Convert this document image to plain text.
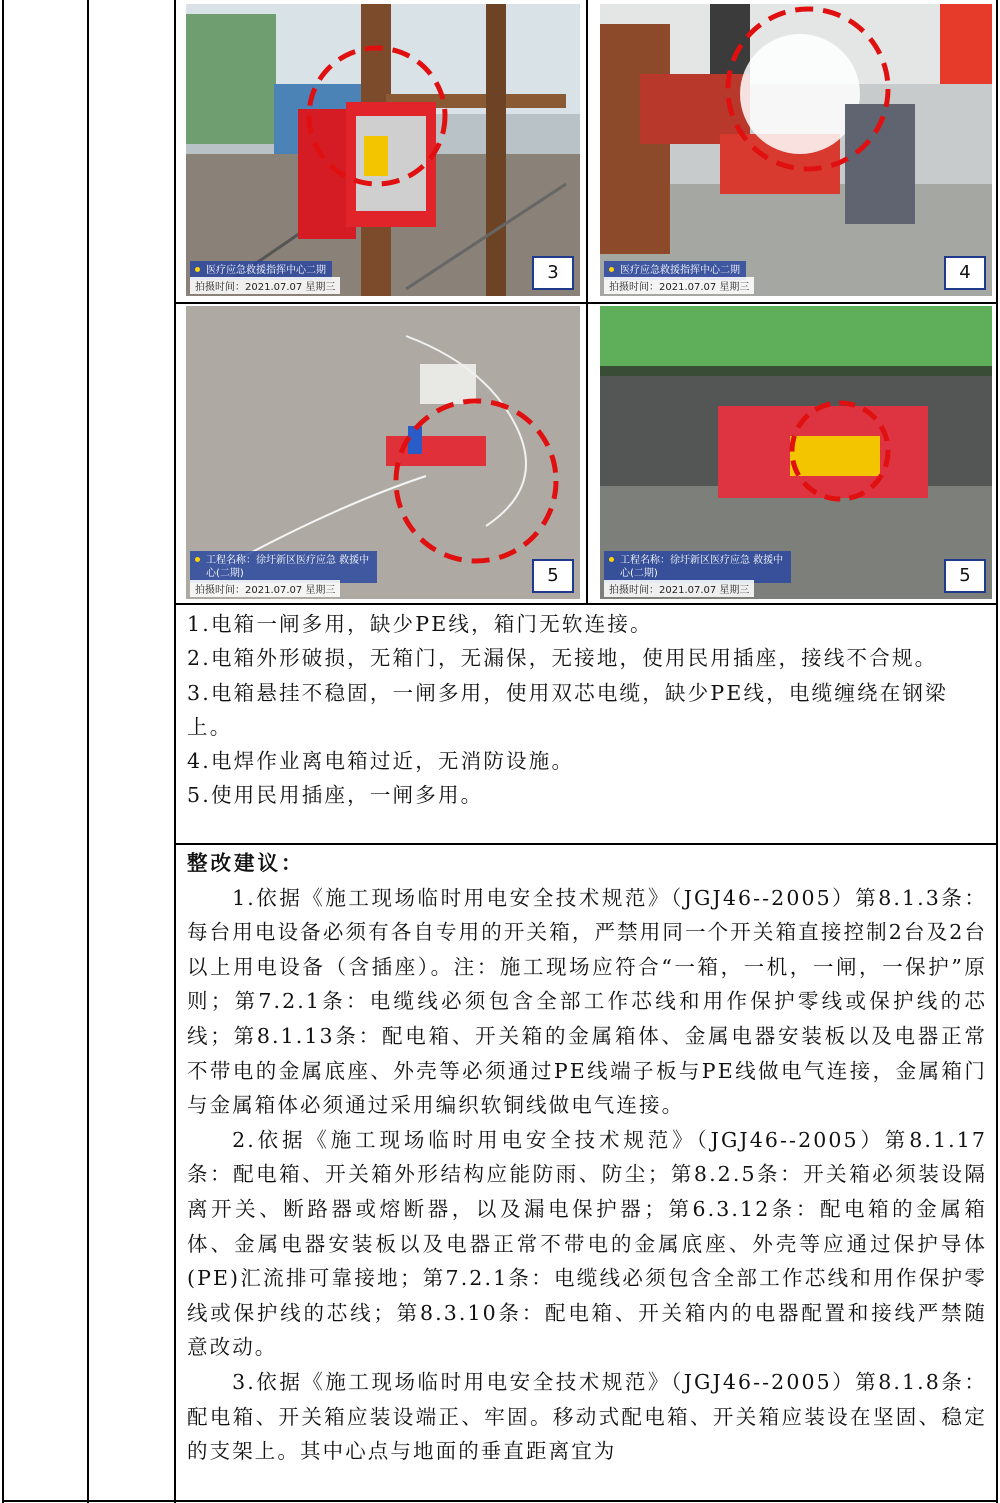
医疗应急救援指挥中心二期
拍摄时间：2021.07.07 星期三
3	医疗应急救援指挥中心二期
拍摄时间：2021.07.07 星期三
4
工程名称：徐圩新区医疗应急 救援中心(二期)
拍摄时间：2021.07.07 星期三
5
工程名称：徐圩新区医疗应急 救援中心(二期)
拍摄时间：2021.07.07 星期三
5

1.电箱一闸多用，缺少PE线，箱门无软连接。

2.电箱外形破损，无箱门，无漏保，无接地，使用民用插座，接线不合规。

3.电箱悬挂不稳固，一闸多用，使用双芯电缆，缺少PE线，电缆缠绕在钢梁上。

4.电焊作业离电箱过近，无消防设施。

5.使用民用插座，一闸多用。

整改建议：

1.依据《施工现场临时用电安全技术规范》（JGJ46--2005）第8.1.3条：每台用电设备必须有各自专用的开关箱，严禁用同一个开关箱直接控制2台及2台以上用电设备（含插座）。注：施工现场应符合“一箱，一机，一闸，一保护”原则；第7.2.1条：电缆线必须包含全部工作芯线和用作保护零线或保护线的芯线；第8.1.13条：配电箱、开关箱的金属箱体、金属电器安装板以及电器正常不带电的金属底座、外壳等必须通过PE线端子板与PE线做电气连接，金属箱门与金属箱体必须通过采用编织软铜线做电气连接。

2.依据《施工现场临时用电安全技术规范》（JGJ46--2005）第8.1.17条：配电箱、开关箱外形结构应能防雨、防尘；第8.2.5条：开关箱必须装设隔离开关、断路器或熔断器，以及漏电保护器；第6.3.12条：配电箱的金属箱体、金属电器安装板以及电器正常不带电的金属底座、外壳等应通过保护导体(PE)汇流排可靠接地；第7.2.1条：电缆线必须包含全部工作芯线和用作保护零线或保护线的芯线；第8.3.10条：配电箱、开关箱内的电器配置和接线严禁随意改动。

3.依据《施工现场临时用电安全技术规范》（JGJ46--2005）第8.1.8条：配电箱、开关箱应装设端正、牢固。移动式配电箱、开关箱应装设在坚固、稳定的支架上。其中心点与地面的垂直距离宜为
